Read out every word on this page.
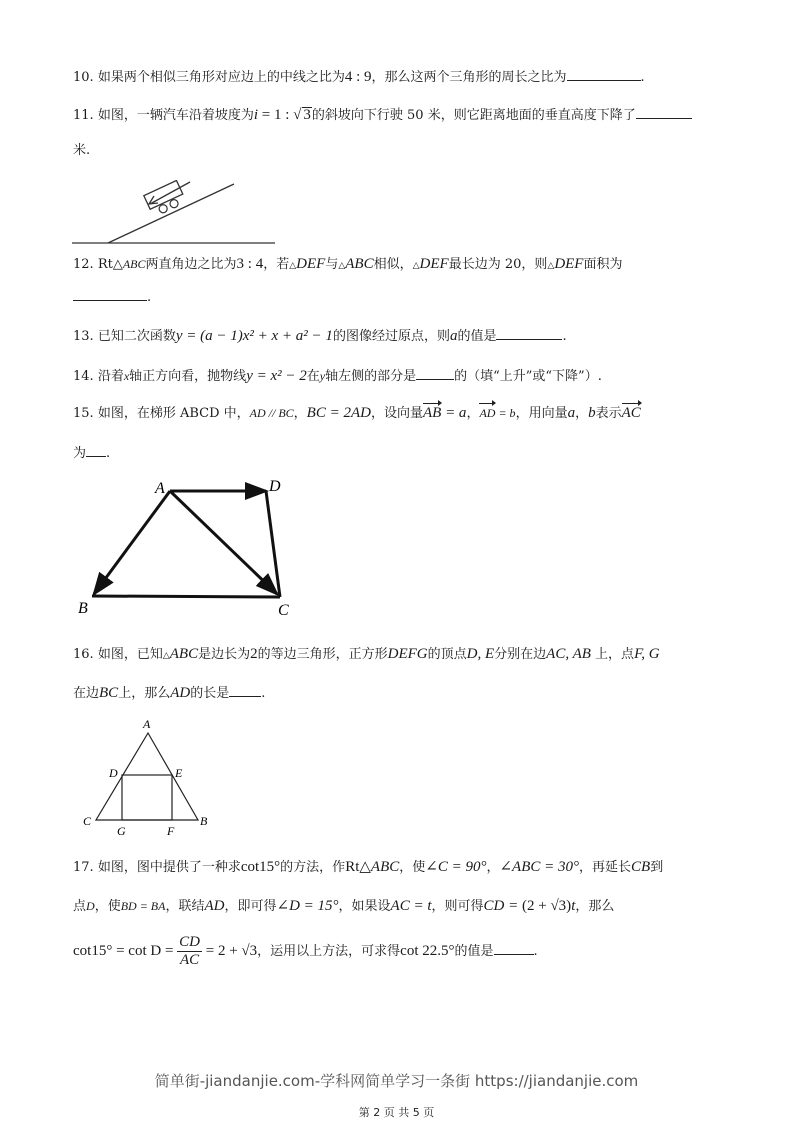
10. 如果两个相似三角形对应边上的中线之比为4 : 9，那么这两个三角形的周长之比为	.
11. 如图，一辆汽车沿着坡度为i = 1 : √ 3的斜坡向下行驶 50 米，则它距离地面的垂直高度下降了
米.
12. Rt△ABC两直角边之比为3 : 4，若△DEF与△ABC相似，△DEF最长边为 20，则△DEF面积为
.
13. 已知二次函数y = (a − 1)x² + x + a² − 1的图像经过原点，则a的值是	.
14. 沿着x轴正方向看，抛物线y = x² − 2在y轴左侧的部分是	的（填“上升”或“下降”）.
15. 如图，在梯形 ABCD 中，AD // BC，BC = 2AD，设向量AB = a，AD = b，用向量a，b表示AC
为 .
A	D
B	C
16. 如图，已知△ABC是边长为2的等边三角形，正方形DEFG的顶点D, E分别在边AC, AB 上，点F, G
在边BC上，那么AD的长是 .
A
D	E
C	B
G	F
17. 如图，图中提供了一种求cot15°的方法，作Rt△ABC，使∠C = 90°，∠ABC = 30°，再延长CB到
点D，使BD = BA，联结AD，即可得∠D = 15°，如果设AC = t，则可得CD = (2 + √3)t，那么
$\cot 15^\circ = \cot D = \frac{CD}{AC} = 2 + √3$，运用以上方法，可求得cot 22.5°的值是	.
简单街-jiandanjie.com-学科网简单学习一条街 https://jiandanjie.com
第 2 页 共 5 页
